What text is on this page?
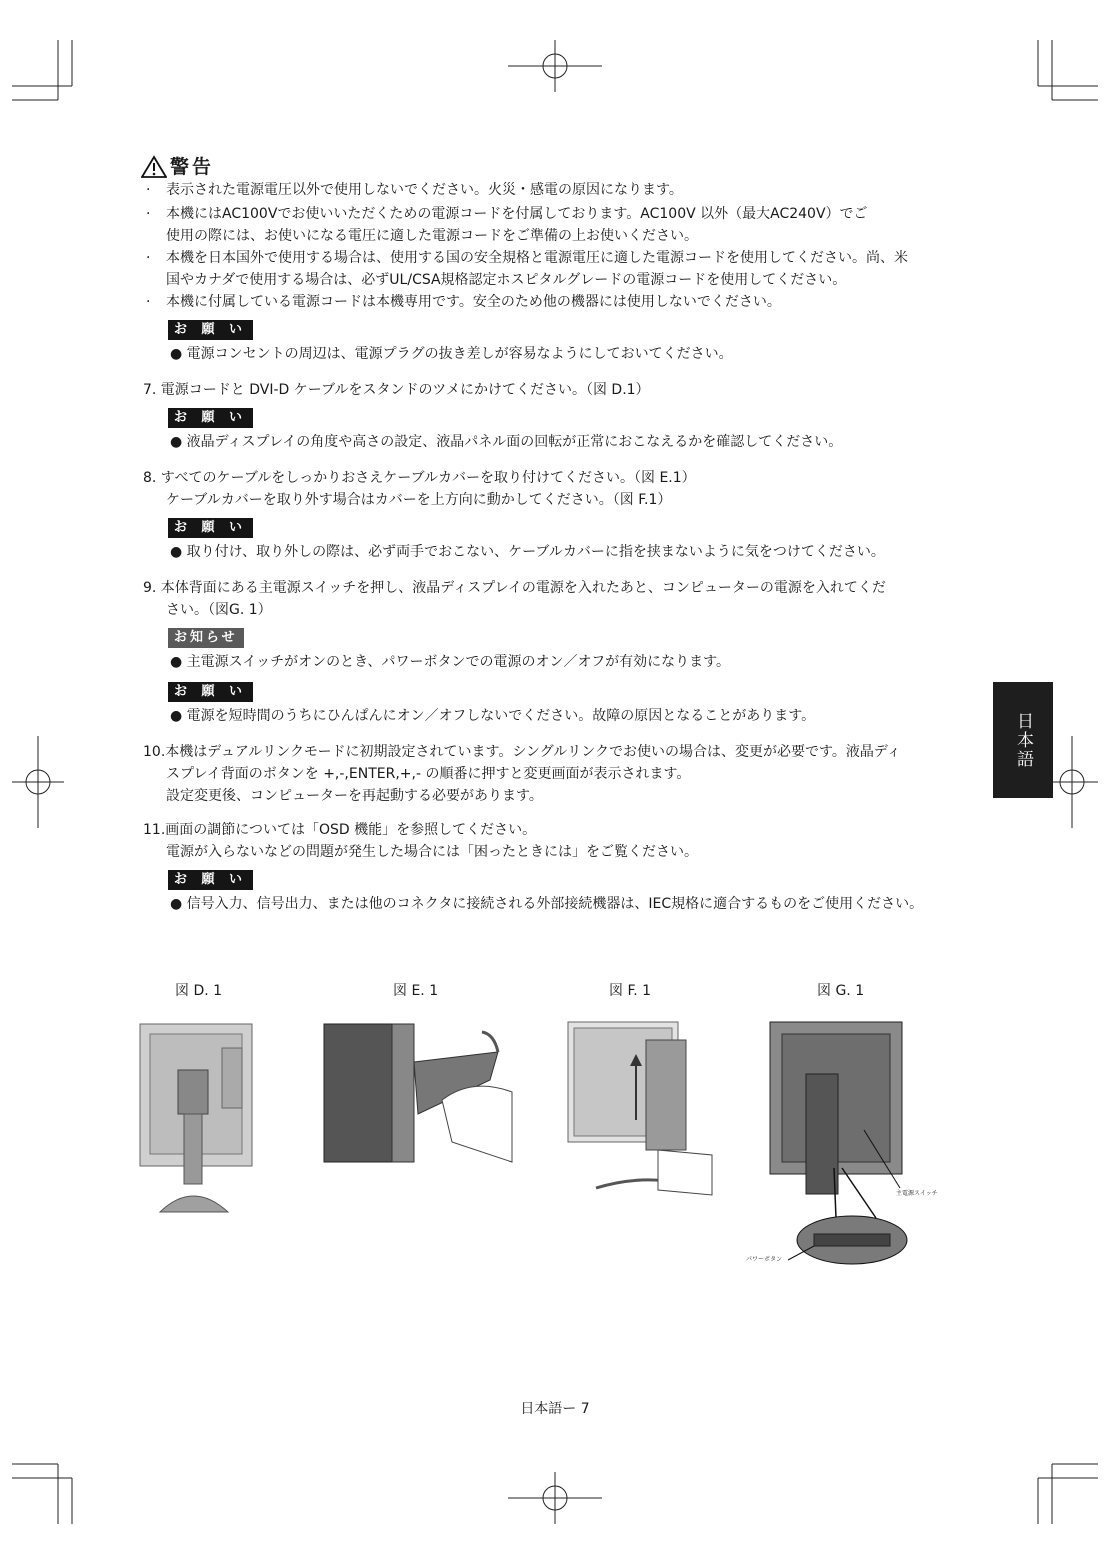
警告
· 表示された電源電圧以外で使用しないでください。火災・感電の原因になります。
· 本機にはAC100Vでお使いいただくための電源コードを付属しております。AC100V 以外（最大AC240V）でご
使用の際には、お使いになる電圧に適した電源コードをご準備の上お使いください。
· 本機を日本国外で使用する場合は、使用する国の安全規格と電源電圧に適した電源コードを使用してください。尚、米
国やカナダで使用する場合は、必ずUL/CSA規格認定ホスピタルグレードの電源コードを使用してください。
· 本機に付属している電源コードは本機専用です。安全のため他の機器には使用しないでください。
お 願 い
● 電源コンセントの周辺は、電源プラグの抜き差しが容易なようにしておいてください。
7. 電源コードと DVI-D ケーブルをスタンドのツメにかけてください。（図 D.1）
お 願 い
● 液晶ディスプレイの角度や高さの設定、液晶パネル面の回転が正常におこなえるかを確認してください。
8. すべてのケーブルをしっかりおさえケーブルカバーを取り付けてください。（図 E.1）
ケーブルカバーを取り外す場合はカバーを上方向に動かしてください。（図 F.1）
お 願 い
● 取り付け、取り外しの際は、必ず両手でおこない、ケーブルカバーに指を挟まないように気をつけてください。
9. 本体背面にある主電源スイッチを押し、液晶ディスプレイの電源を入れたあと、コンピューターの電源を入れてくだ
さい。（図G. 1）
お知らせ
● 主電源スイッチがオンのとき、パワーボタンでの電源のオン／オフが有効になります。
お 願 い
● 電源を短時間のうちにひんぱんにオン／オフしないでください。故障の原因となることがあります。
10.本機はデュアルリンクモードに初期設定されています。シングルリンクでお使いの場合は、変更が必要です。液晶ディ
スプレイ背面のボタンを +,-,ENTER,+,- の順番に押すと変更画面が表示されます。
設定変更後、コンピューターを再起動する必要があります。
11.画面の調節については「OSD 機能」を参照してください。
電源が入らないなどの問題が発生した場合には「困ったときには」をご覧ください。
お 願 い
● 信号入力、信号出力、または他のコネクタに接続される外部接続機器は、IEC規格に適合するものをご使用ください。
日本語
図 D. 1	図 E. 1	図 F. 1	図 G. 1
主電源スイッチ
パワーボタン
日本語ー 7
